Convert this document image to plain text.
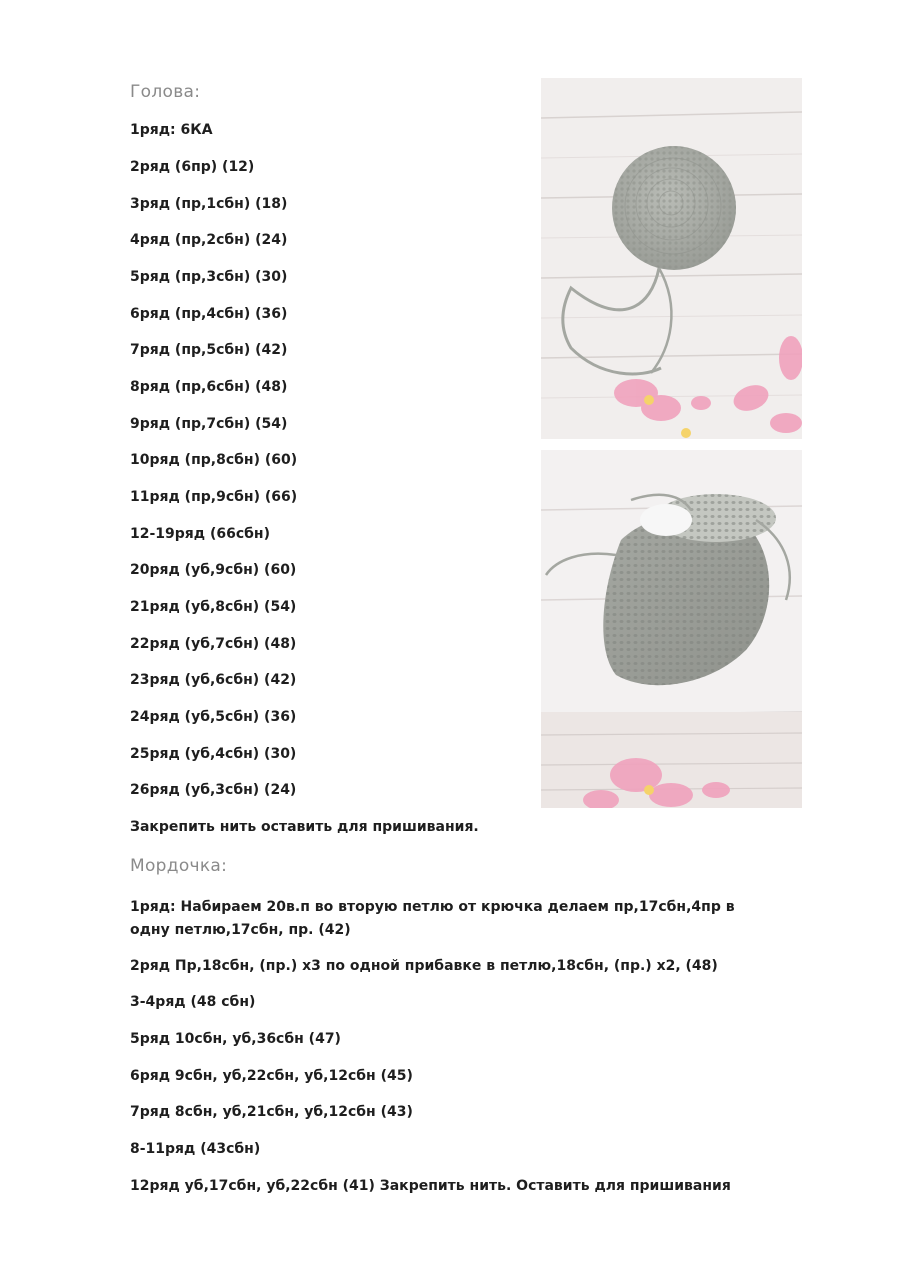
Голова:
1ряд: 6КА
2ряд (6пр) (12)
3ряд (пр,1сбн) (18)
4ряд (пр,2сбн) (24)
5ряд (пр,3сбн) (30)
6ряд (пр,4сбн) (36)
7ряд (пр,5сбн) (42)
8ряд (пр,6сбн) (48)
9ряд (пр,7сбн) (54)
10ряд (пр,8сбн) (60)
11ряд (пр,9сбн) (66)
12-19ряд (66сбн)
20ряд (уб,9сбн) (60)
21ряд (уб,8сбн) (54)
22ряд (уб,7сбн) (48)
23ряд (уб,6сбн) (42)
24ряд (уб,5сбн) (36)
25ряд (уб,4сбн) (30)
26ряд (уб,3сбн) (24)
Закрепить нить оставить для пришивания.
Мордочка:
1ряд: Набираем 20в.п во вторую петлю от крючка делаем пр,17сбн,4пр в одну петлю,17сбн, пр. (42)
2ряд Пр,18сбн, (пр.) х3 по одной прибавке в петлю,18сбн, (пр.) х2, (48)
3-4ряд (48 сбн)
5ряд 10сбн, уб,36сбн (47)
6ряд 9сбн, уб,22сбн, уб,12сбн (45)
7ряд 8сбн, уб,21сбн, уб,12сбн (43)
8-11ряд (43сбн)
12ряд уб,17сбн, уб,22сбн (41) Закрепить нить. Оставить для пришивания
